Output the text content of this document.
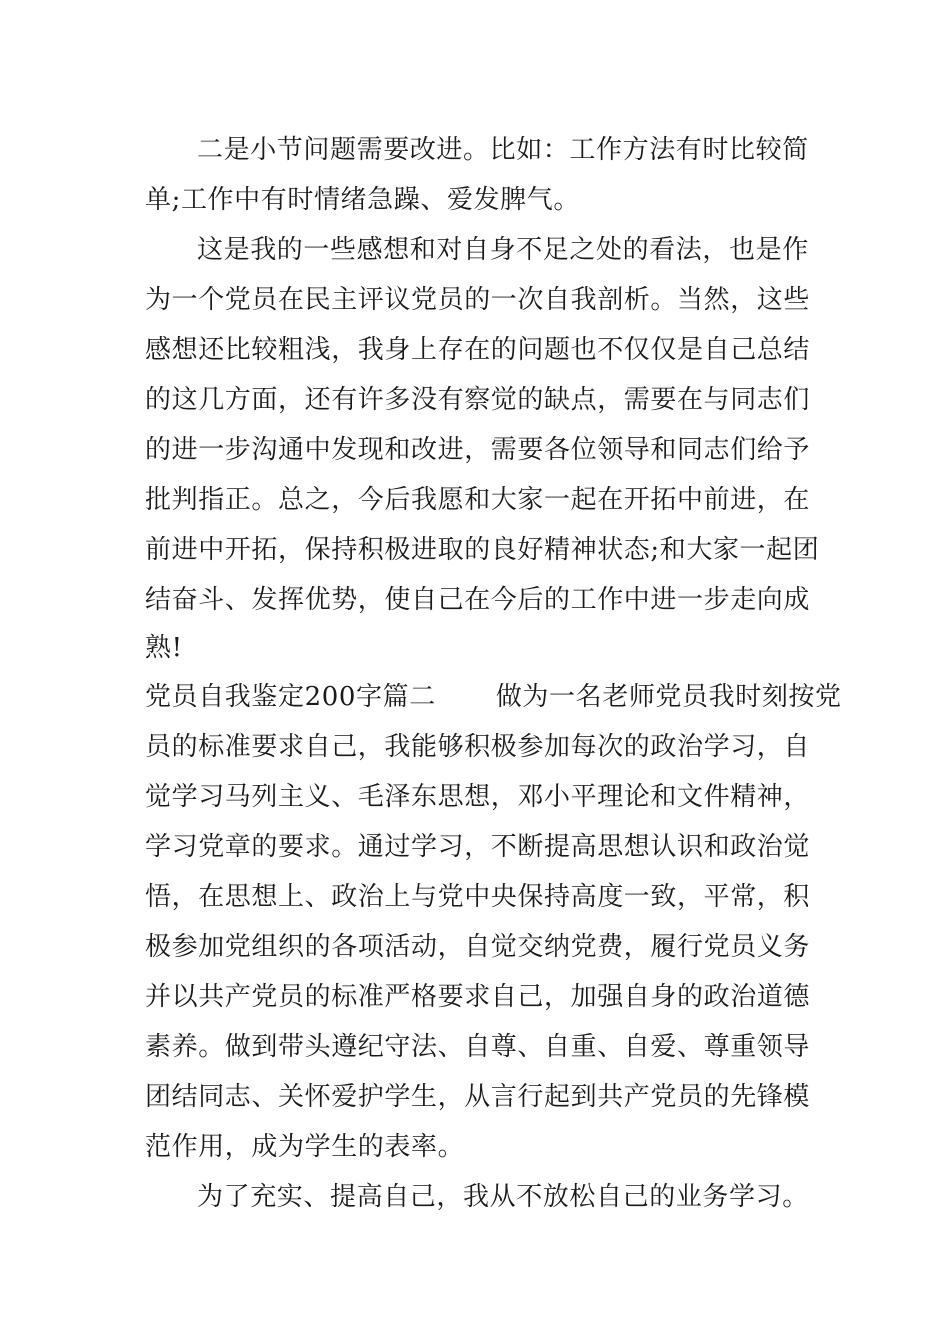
二是小节问题需要改进。比如：工作方法有时比较简
单;工作中有时情绪急躁、爱发脾气。
这是我的一些感想和对自身不足之处的看法，也是作
为一个党员在民主评议党员的一次自我剖析。当然，这些
感想还比较粗浅，我身上存在的问题也不仅仅是自己总结
的这几方面，还有许多没有察觉的缺点，需要在与同志们
的进一步沟通中发现和改进，需要各位领导和同志们给予
批判指正。总之，今后我愿和大家一起在开拓中前进，在
前进中开拓，保持积极进取的良好精神状态;和大家一起团
结奋斗、发挥优势，使自己在今后的工作中进一步走向成
熟!
党员自我鉴定200字篇二 做为一名老师党员我时刻按党
员的标准要求自己，我能够积极参加每次的政治学习，自
觉学习马列主义、毛泽东思想，邓小平理论和文件精神，
学习党章的要求。通过学习，不断提高思想认识和政治觉
悟，在思想上、政治上与党中央保持高度一致，平常，积
极参加党组织的各项活动，自觉交纳党费，履行党员义务
并以共产党员的标准严格要求自己，加强自身的政治道德
素养。做到带头遵纪守法、自尊、自重、自爱、尊重领导
团结同志、关怀爱护学生，从言行起到共产党员的先锋模
范作用，成为学生的表率。
为了充实、提高自己，我从不放松自己的业务学习。
